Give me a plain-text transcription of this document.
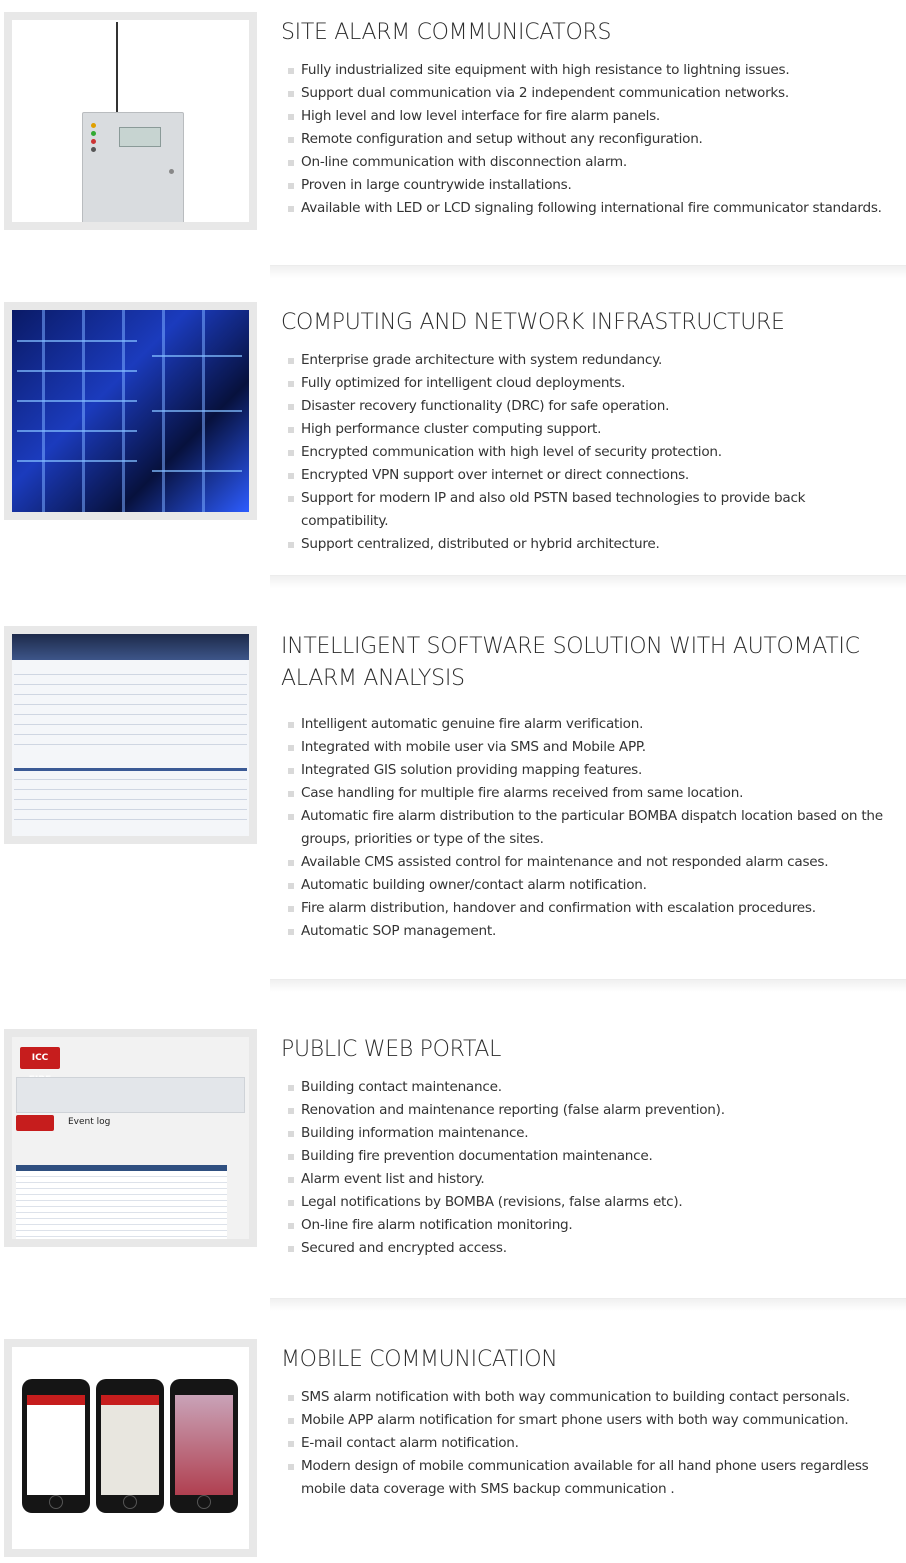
SITE ALARM COMMUNICATORS
Fully industrialized site equipment with high resistance to lightning issues.
Support dual communication via 2 independent communication networks.
High level and low level interface for fire alarm panels.
Remote configuration and setup without any reconfiguration.
On-line communication with disconnection alarm.
Proven in large countrywide installations.
Available with LED or LCD signaling following international fire communicator standards.
COMPUTING AND NETWORK INFRASTRUCTURE
Enterprise grade architecture with system redundancy.
Fully optimized for intelligent cloud deployments.
Disaster recovery functionality (DRC) for safe operation.
High performance cluster computing support.
Encrypted communication with high level of security protection.
Encrypted VPN support over internet or direct connections.
Support for modern IP and also old PSTN based technologies to provide back compatibility.
Support centralized, distributed or hybrid architecture.
INTELLIGENT SOFTWARE SOLUTION WITH AUTOMATIC
ALARM ANALYSIS
Intelligent automatic genuine fire alarm verification.
Integrated with mobile user via SMS and Mobile APP.
Integrated GIS solution providing mapping features.
Case handling for multiple fire alarms received from same location.
Automatic fire alarm distribution to the particular BOMBA dispatch location based on the
groups, priorities or type of the sites.
Available CMS assisted control for maintenance and not responded alarm cases.
Automatic building owner/contact alarm notification.
Fire alarm distribution, handover and confirmation with escalation procedures.
Automatic SOP management.
ICC
Event log
PUBLIC WEB PORTAL
Building contact maintenance.
Renovation and maintenance reporting (false alarm prevention).
Building information maintenance.
Building fire prevention documentation maintenance.
Alarm event list and history.
Legal notifications by BOMBA (revisions, false alarms etc).
On-line fire alarm notification monitoring.
Secured and encrypted access.
MOBILE COMMUNICATION
SMS alarm notification with both way communication to building contact personals.
Mobile APP alarm notification for smart phone users with both way communication.
E-mail contact alarm notification.
Modern design of mobile communication available for all hand phone users regardless
mobile data coverage with SMS backup communication .
